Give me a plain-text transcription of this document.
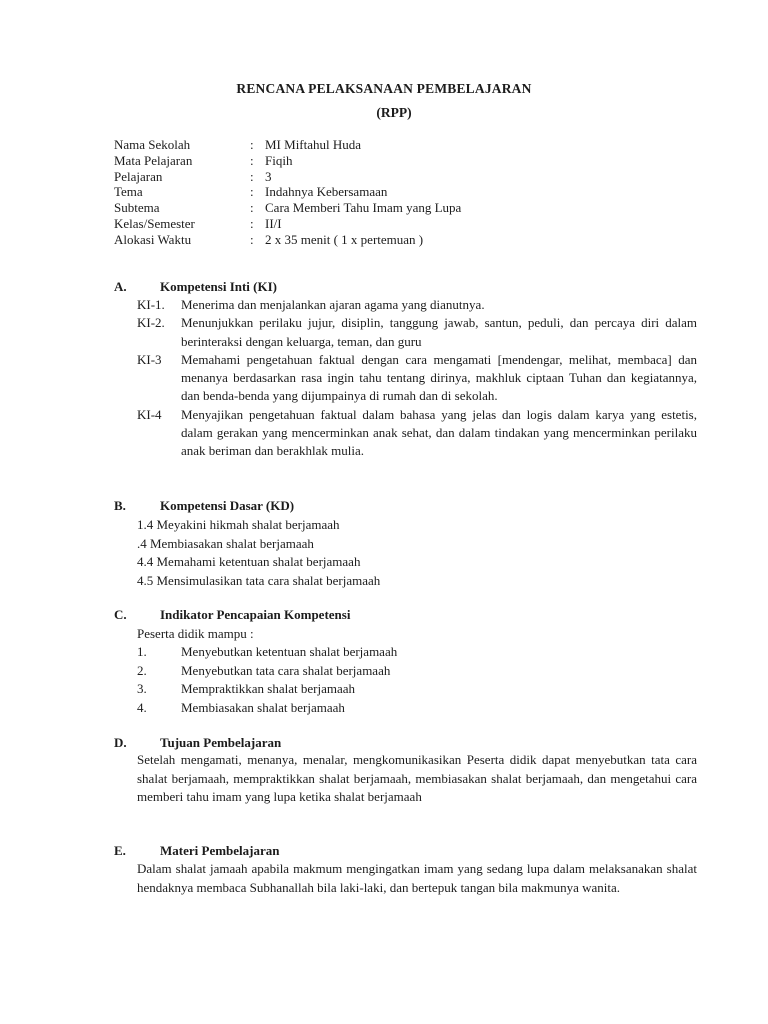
RENCANA PELAKSANAAN PEMBELAJARAN
(RPP)
Nama Sekolah	: MI Miftahul Huda
Mata Pelajaran	: Fiqih
Pelajaran	: 3
Tema	: Indahnya Kebersamaan
Subtema	: Cara Memberi Tahu Imam yang Lupa
Kelas/Semester	: II/I
Alokasi Waktu	: 2 x 35 menit ( 1 x pertemuan )
A.	Kompetensi Inti (KI)
KI-1. Menerima dan menjalankan ajaran agama yang dianutnya.
KI-2. Menunjukkan perilaku jujur, disiplin, tanggung jawab, santun, peduli, dan percaya diri dalam berinteraksi dengan keluarga, teman, dan guru
KI-3 Memahami pengetahuan faktual dengan cara mengamati [mendengar, melihat, membaca] dan menanya berdasarkan rasa ingin tahu tentang dirinya, makhluk ciptaan Tuhan dan kegiatannya, dan benda-benda yang dijumpainya di rumah dan di sekolah.
KI-4 Menyajikan pengetahuan faktual dalam bahasa yang jelas dan logis dalam karya yang estetis, dalam gerakan yang mencerminkan anak sehat, dan dalam tindakan yang mencerminkan perilaku anak beriman dan berakhlak mulia.
B.	Kompetensi Dasar (KD)
1.4 Meyakini hikmah shalat berjamaah
.4 Membiasakan shalat berjamaah
4.4 Memahami ketentuan shalat berjamaah
4.5 Mensimulasikan tata cara shalat berjamaah
C.	Indikator Pencapaian Kompetensi
Peserta didik mampu :
1.	Menyebutkan ketentuan shalat berjamaah
2.	Menyebutkan tata cara shalat berjamaah
3.	Mempraktikkan shalat berjamaah
4.	Membiasakan shalat berjamaah
D.	Tujuan Pembelajaran
Setelah mengamati, menanya, menalar, mengkomunikasikan Peserta didik dapat menyebutkan tata cara shalat berjamaah, mempraktikkan shalat berjamaah, membiasakan shalat berjamaah, dan mengetahui cara memberi tahu imam yang lupa ketika shalat berjamaah
E.	Materi Pembelajaran
Dalam shalat jamaah apabila makmum mengingatkan imam yang sedang lupa dalam melaksanakan shalat hendaknya membaca Subhanallah bila laki-laki, dan bertepuk tangan bila makmunya wanita.
